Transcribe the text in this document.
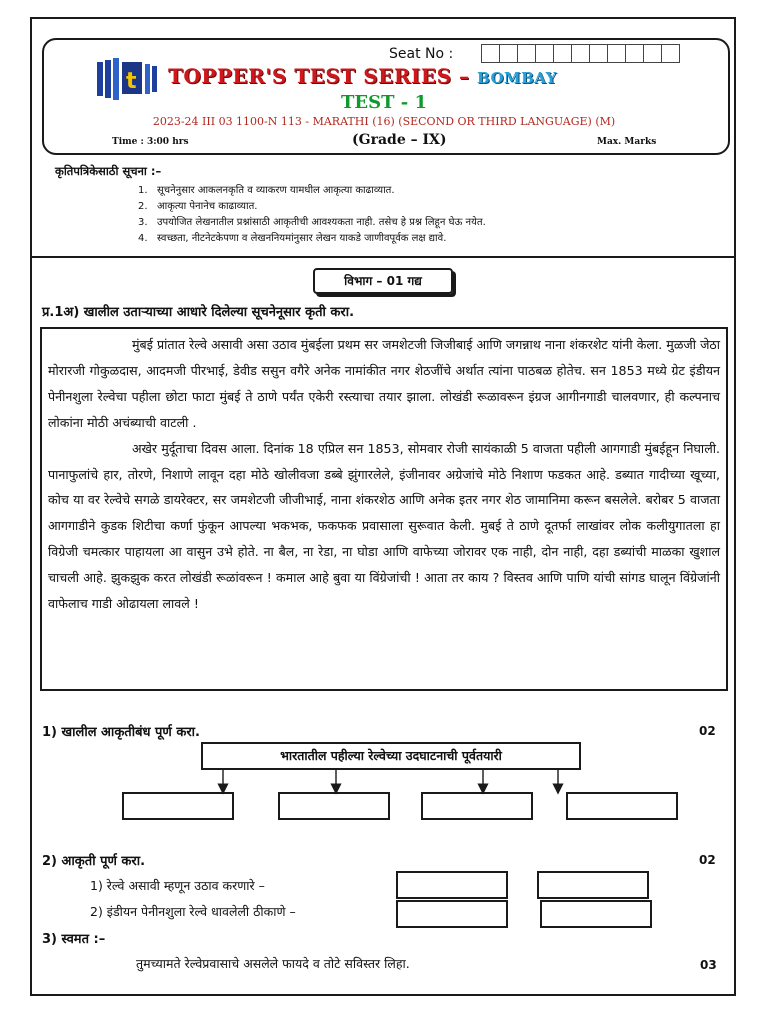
Seat No :
t TOPPER'S TEST SERIES – BOMBAY
TEST - 1
2023-24 III 03 1100-N 113 - MARATHI (16) (SECOND OR THIRD LANGUAGE) (M)
Time : 3:00 hrs	(Grade – IX)	Max. Marks
कृतिपत्रिकेसाठी सूचना :–
1. सूचनेनुसार आकलनकृति व व्याकरण यामधील आकृत्या काढाव्यात.
2. आकृत्या पेनानेच काढाव्यात.
3. उपयोजित लेखनातील प्रश्नांसाठी आकृतीची आवश्यकता नाही. तसेच हे प्रश्न लिहून घेऊ नयेत.
4. स्वच्छता, नीटनेटकेपणा व लेखननियमांनुसार लेखन याकडे जाणीवपूर्वक लक्ष द्यावे.
विभाग – 01 गद्य
प्र.1अ) खालील उताऱ्याच्या आधारे दिलेल्या सूचनेनूसार कृती करा.

मुंबई प्रांतात रेल्वे असावी असा उठाव मुंबईला प्रथम सर जमशेटजी जिजीबाई आणि जगन्नाथ नाना शंकरशेट यांनी केला. मुळजी जेठा मोरारजी गोकुळदास, आदमजी पीरभाई, डेवीड ससुन वगैरे अनेक नामांकीत नगर शेठजींचे अर्थात त्यांना पाठबळ होतेच. सन 1853 मध्ये ग्रेट इंडीयन पेनीनशुला रेल्वेचा पहीला छोटा फाटा मुंबई ते ठाणे पर्यंत एकेरी रस्त्याचा तयार झाला. लोखंडी रूळावरून इंग्रज आगीनगाडी चालवणार, ही कल्पनाच लोकांना मोठी अचंब्याची वाटली .

अखेर मुर्दूताचा दिवस आला. दिनांक 18 एप्रिल सन 1853, सोमवार रोजी सायंकाळी 5 वाजता पहीली आगगाडी मुंबईहून निघाली. पानाफुलांचे हार, तोरणे, निशाणे लावून दहा मोठे खोलीवजा डब्बे झुंगारलेले, इंजीनावर अग्रेजांचे मोठे निशाण फडकत आहे. डब्यात गादीच्या खूच्या, कोच या वर रेल्वेचे सगळे डायरेक्टर, सर जमशेटजी जीजीभाई, नाना शंकरशेठ आणि अनेक इतर नगर शेठ जामानिमा करून बसलेले. बरोबर 5 वाजता आगगाडीने कुडक शिटीचा कर्णा फुंकून आपल्या भकभक, फकफक प्रवासाला सुरूवात केली. मुबई ते ठाणे दूतर्फा लाखांवर लोक कलीयुगातला हा विग्रेजी चमत्कार पाहायला आ वासुन उभे होते. ना बैल, ना रेडा, ना घोडा आणि वाफेच्या जोरावर एक नाही, दोन नाही, दहा डब्यांची माळका खुशाल चाचली आहे. झुकझुक करत लोखंडी रूळांवरून ! कमाल आहे बुवा या विंग्रेजांची ! आता तर काय ? विस्तव आणि पाणि यांची सांगड घालून विंग्रेजांनी वाफेलाच गाडी ओढायला लावले !

1) खालील आकृतीबंध पूर्ण करा.	02
भारतातील पहील्या रेल्वेच्या उदघाटनाची पूर्वतयारी
2) आकृती पूर्ण करा.	02
1) रेल्वे असावी म्हणून उठाव करणारे –
2) इंडीयन पेनीनशुला रेल्वे धावलेली ठीकाणे –
3) स्वमत :–
तुमच्यामते रेल्वेप्रवासाचे असलेले फायदे व तोटे सविस्तर लिहा.	03
